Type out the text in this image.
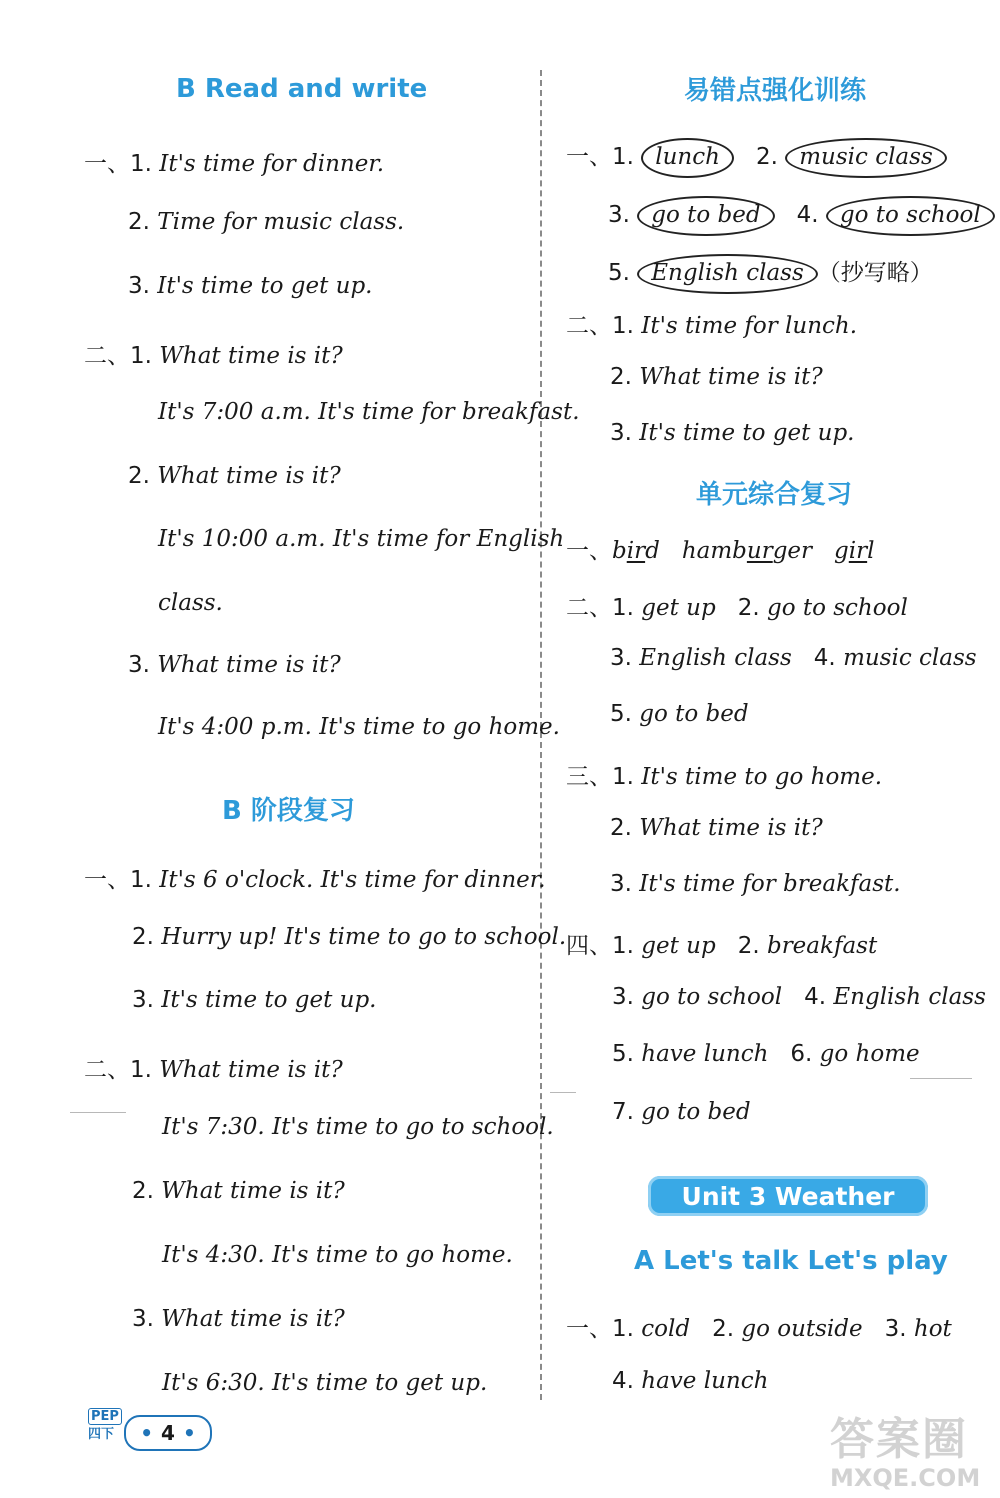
B Read and write
一、1. It's time for dinner.
2. Time for music class.
3. It's time to get up.
二、1. What time is it?
It's 7:00 a.m. It's time for breakfast.
2. What time is it?
It's 10:00 a.m. It's time for English
class.
3. What time is it?
It's 4:00 p.m. It's time to go home.
B 阶段复习
一、1. It's 6 o'clock. It's time for dinner.
2. Hurry up! It's time to go to school.
3. It's time to get up.
二、1. What time is it?
It's 7:30. It's time to go to school.
2. What time is it?
It's 4:30. It's time to go home.
3. What time is it?
It's 6:30. It's time to get up.
易错点强化训练
一、1. lunch 2. music class
3. go to bed 4. go to school
5. English class （抄写略）
二、1. It's time for lunch.
2. What time is it?
3. It's time to get up.
单元综合复习
一、bird hamburger girl
二、1. get up 2. go to school
3. English class 4. music class
5. go to bed
三、1. It's time to go home.
2. What time is it?
3. It's time for breakfast.
四、1. get up 2. breakfast
3. go to school 4. English class
5. have lunch 6. go home
7. go to bed
Unit 3 Weather
A Let's talk Let's play
一、1. cold 2. go outside 3. hot
4. have lunch
PEP
四下	• 4 •	答案圈
MXQE.COM
